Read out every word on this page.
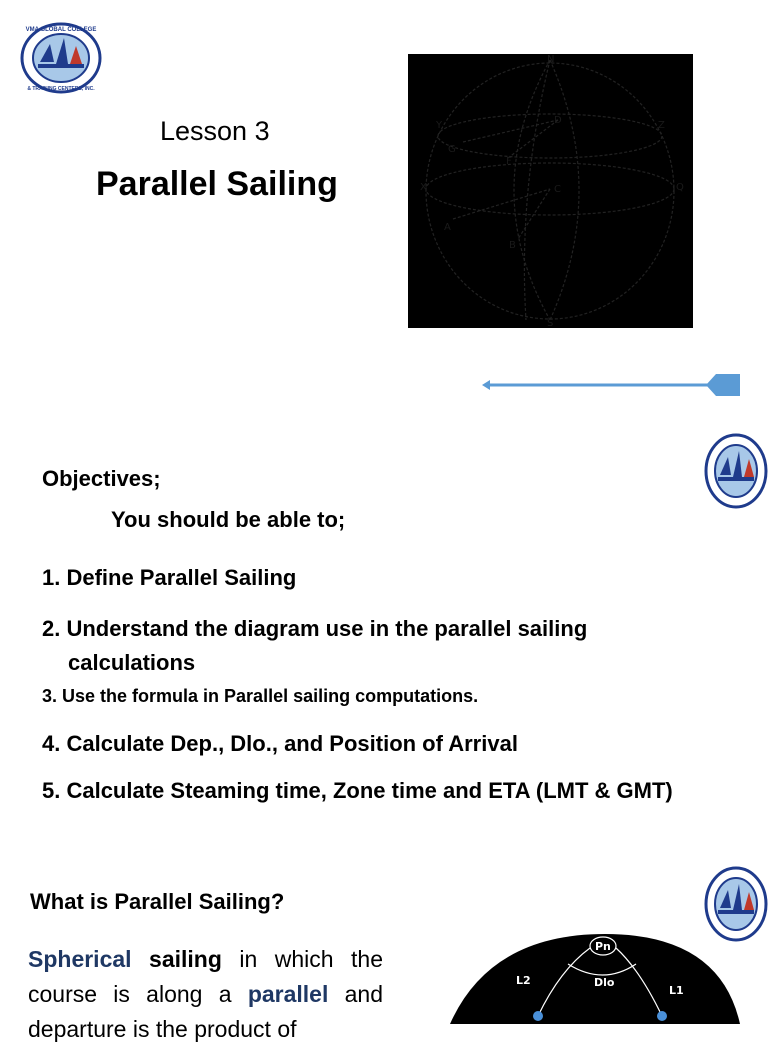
VMA GLOBAL COLLEGE
& TRAINING CENTERS, INC.
Lesson 3
Parallel Sailing
N
S
D
F
C
B
G
Q
A
X
Y	Z
Objectives;
You should be able to;
1. Define Parallel Sailing
2. Understand the diagram use in the parallel sailing
calculations
3. Use the formula in Parallel sailing computations.
4. Calculate Dep., Dlo., and Position of Arrival
5. Calculate Steaming time, Zone time and ETA (LMT & GMT)
What is Parallel Sailing?
Spherical sailing in which the course is along a parallel and departure is the product of
Pn
L2	Dlo
L1
